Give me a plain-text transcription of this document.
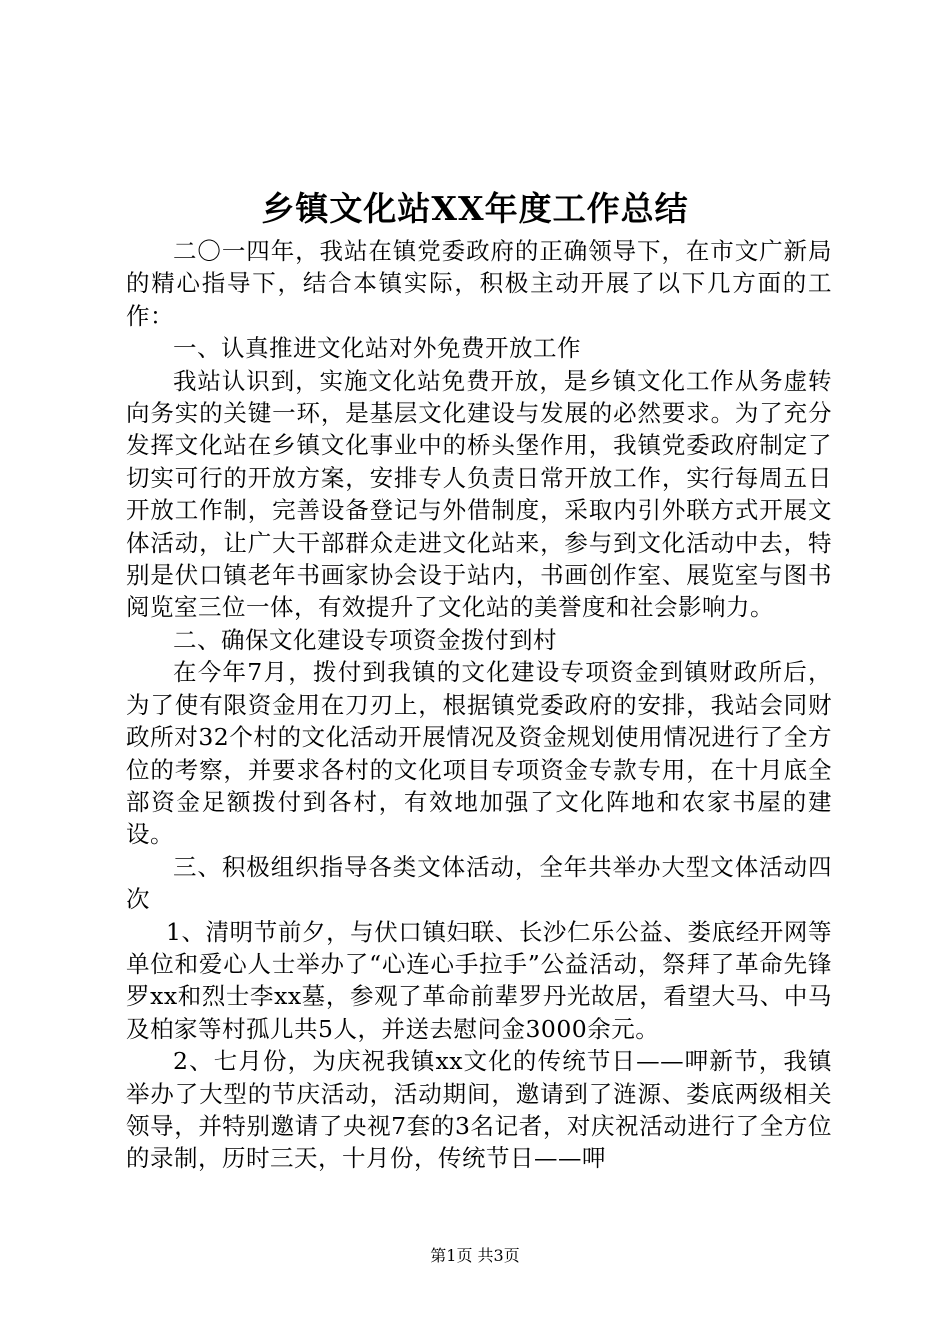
乡镇文化站XX年度工作总结

二〇一四年，我站在镇党委政府的正确领导下，在市文广新局的精心指导下，结合本镇实际，积极主动开展了以下几方面的工作：

一、认真推进文化站对外免费开放工作

我站认识到，实施文化站免费开放，是乡镇文化工作从务虚转向务实的关键一环，是基层文化建设与发展的必然要求。为了充分发挥文化站在乡镇文化事业中的桥头堡作用，我镇党委政府制定了切实可行的开放方案，安排专人负责日常开放工作，实行每周五日开放工作制，完善设备登记与外借制度，采取内引外联方式开展文体活动，让广大干部群众走进文化站来，参与到文化活动中去，特别是伏口镇老年书画家协会设于站内，书画创作室、展览室与图书阅览室三位一体，有效提升了文化站的美誉度和社会影响力。

二、确保文化建设专项资金拨付到村

在今年7月，拨付到我镇的文化建设专项资金到镇财政所后，为了使有限资金用在刀刃上，根据镇党委政府的安排，我站会同财政所对32个村的文化活动开展情况及资金规划使用情况进行了全方位的考察，并要求各村的文化项目专项资金专款专用，在十月底全部资金足额拨付到各村，有效地加强了文化阵地和农家书屋的建设。

三、积极组织指导各类文体活动，全年共举办大型文体活动四次

1、清明节前夕，与伏口镇妇联、长沙仁乐公益、娄底经开网等单位和爱心人士举办了“心连心手拉手”公益活动，祭拜了革命先锋罗xx和烈士李xx墓，参观了革命前辈罗丹光故居，看望大马、中马及柏家等村孤儿共5人，并送去慰问金3000余元。

2、七月份，为庆祝我镇xx文化的传统节日——呷新节，我镇举办了大型的节庆活动，活动期间，邀请到了涟源、娄底两级相关领导，并特别邀请了央视7套的3名记者，对庆祝活动进行了全方位的录制，历时三天，十月份，传统节日——呷

第1页 共3页
